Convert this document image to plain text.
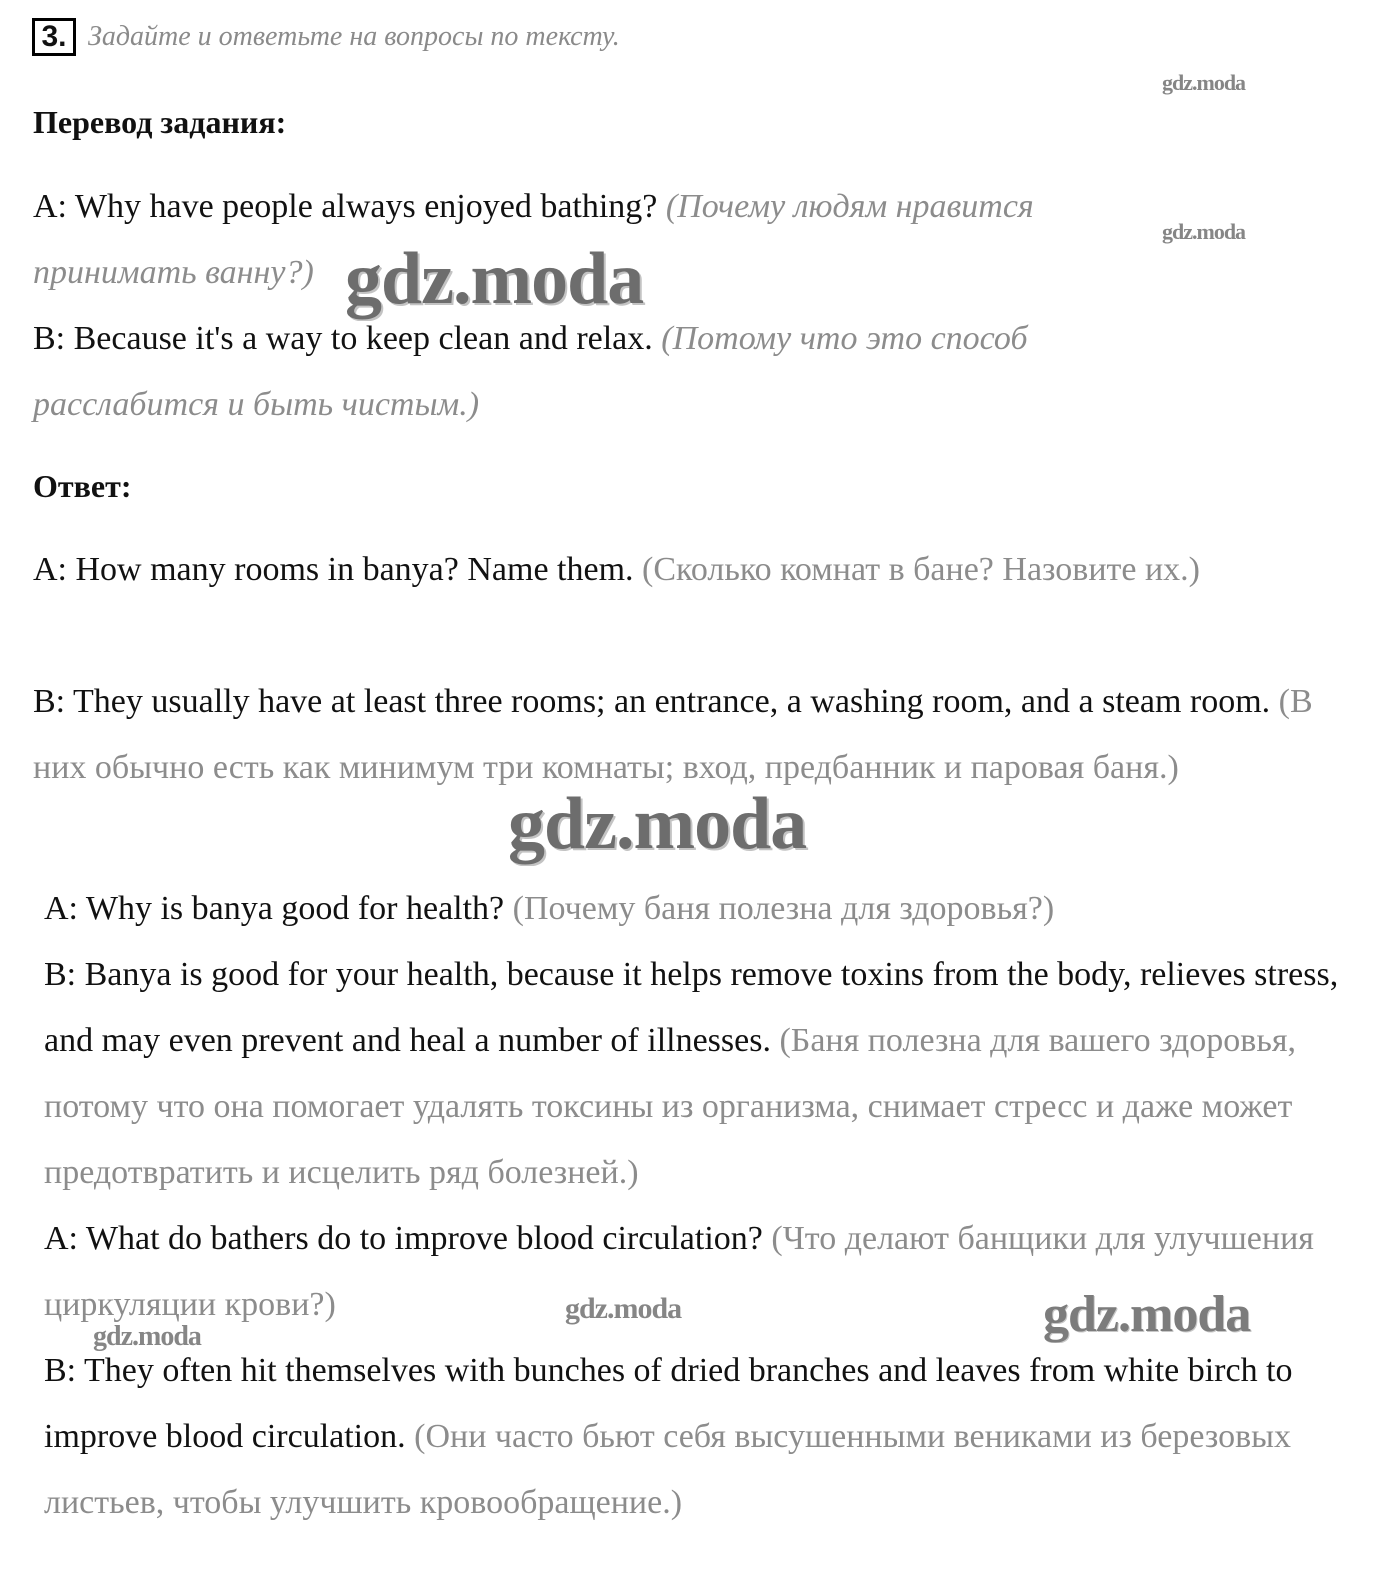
3. Задайте и ответьте на вопросы по тексту.
Перевод задания:

A: Why have people always enjoyed bathing? (Почему людям нравится принимать ванну?)

B: Because it's a way to keep clean and relax. (Потому что это способ расслабится и быть чистым.)

Ответ:

A: How many rooms in banya? Name them. (Сколько комнат в бане? Назовите их.)

B: They usually have at least three rooms; an entrance, a washing room, and a steam room. (В них обычно есть как минимум три комнаты; вход, предбанник и паровая баня.)

A: Why is banya good for health? (Почему баня полезна для здоровья?)

B: Banya is good for your health, because it helps remove toxins from the body, relieves stress, and may even prevent and heal a number of illnesses. (Баня полезна для вашего здоровья, потому что она помогает удалять токсины из организма, снимает стресс и даже может предотвратить и исцелить ряд болезней.)

A: What do bathers do to improve blood circulation? (Что делают банщики для улучшения циркуляции крови?)

B: They often hit themselves with bunches of dried branches and leaves from white birch to improve blood circulation. (Они часто бьют себя высушенными вениками из березовых листьев, чтобы улучшить кровообращение.)

gdz.moda
gdz.moda
gdz.moda
gdz.moda
gdz.moda	gdz.moda
gdz.moda
